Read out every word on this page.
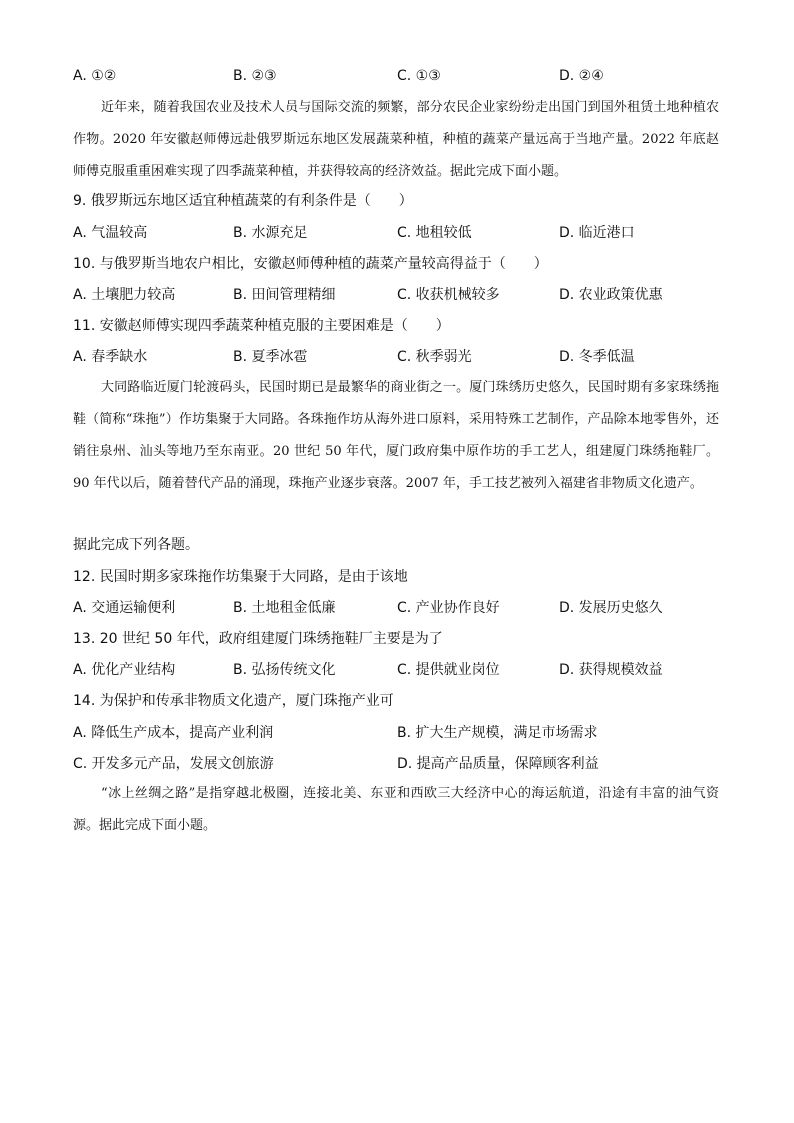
A. ①②	B. ②③	C. ①③	D. ②④

近年来，随着我国农业及技术人员与国际交流的频繁，部分农民企业家纷纷走出国门到国外租赁土地种植农作物。2020 年安徽赵师傅远赴俄罗斯远东地区发展蔬菜种植，种植的蔬菜产量远高于当地产量。2022 年底赵师傅克服重重困难实现了四季蔬菜种植，并获得较高的经济效益。据此完成下面小题。

9. 俄罗斯远东地区适宜种植蔬菜的有利条件是（　　）
A. 气温较高	B. 水源充足	C. 地租较低	D. 临近港口
10. 与俄罗斯当地农户相比，安徽赵师傅种植的蔬菜产量较高得益于（　　）
A. 土壤肥力较高	B. 田间管理精细	C. 收获机械较多	D. 农业政策优惠
11. 安徽赵师傅实现四季蔬菜种植克服的主要困难是（　　）
A. 春季缺水	B. 夏季冰雹	C. 秋季弱光	D. 冬季低温

大同路临近厦门轮渡码头，民国时期已是最繁华的商业街之一。厦门珠绣历史悠久，民国时期有多家珠绣拖鞋（简称“珠拖”）作坊集聚于大同路。各珠拖作坊从海外进口原料，采用特殊工艺制作，产品除本地零售外，还销往泉州、汕头等地乃至东南亚。20 世纪 50 年代，厦门政府集中原作坊的手工艺人，组建厦门珠绣拖鞋厂。90 年代以后，随着替代产品的涌现，珠拖产业逐步衰落。2007 年，手工技艺被列入福建省非物质文化遗产。

据此完成下列各题。
12. 民国时期多家珠拖作坊集聚于大同路，是由于该地
A. 交通运输便利	B. 土地租金低廉	C. 产业协作良好	D. 发展历史悠久
13. 20 世纪 50 年代，政府组建厦门珠绣拖鞋厂主要是为了
A. 优化产业结构	B. 弘扬传统文化	C. 提供就业岗位	D. 获得规模效益
14. 为保护和传承非物质文化遗产，厦门珠拖产业可
A. 降低生产成本，提高产业利润	B. 扩大生产规模，满足市场需求
C. 开发多元产品，发展文创旅游	D. 提高产品质量，保障顾客利益

“冰上丝绸之路”是指穿越北极圈，连接北美、东亚和西欧三大经济中心的海运航道，沿途有丰富的油气资源。据此完成下面小题。
